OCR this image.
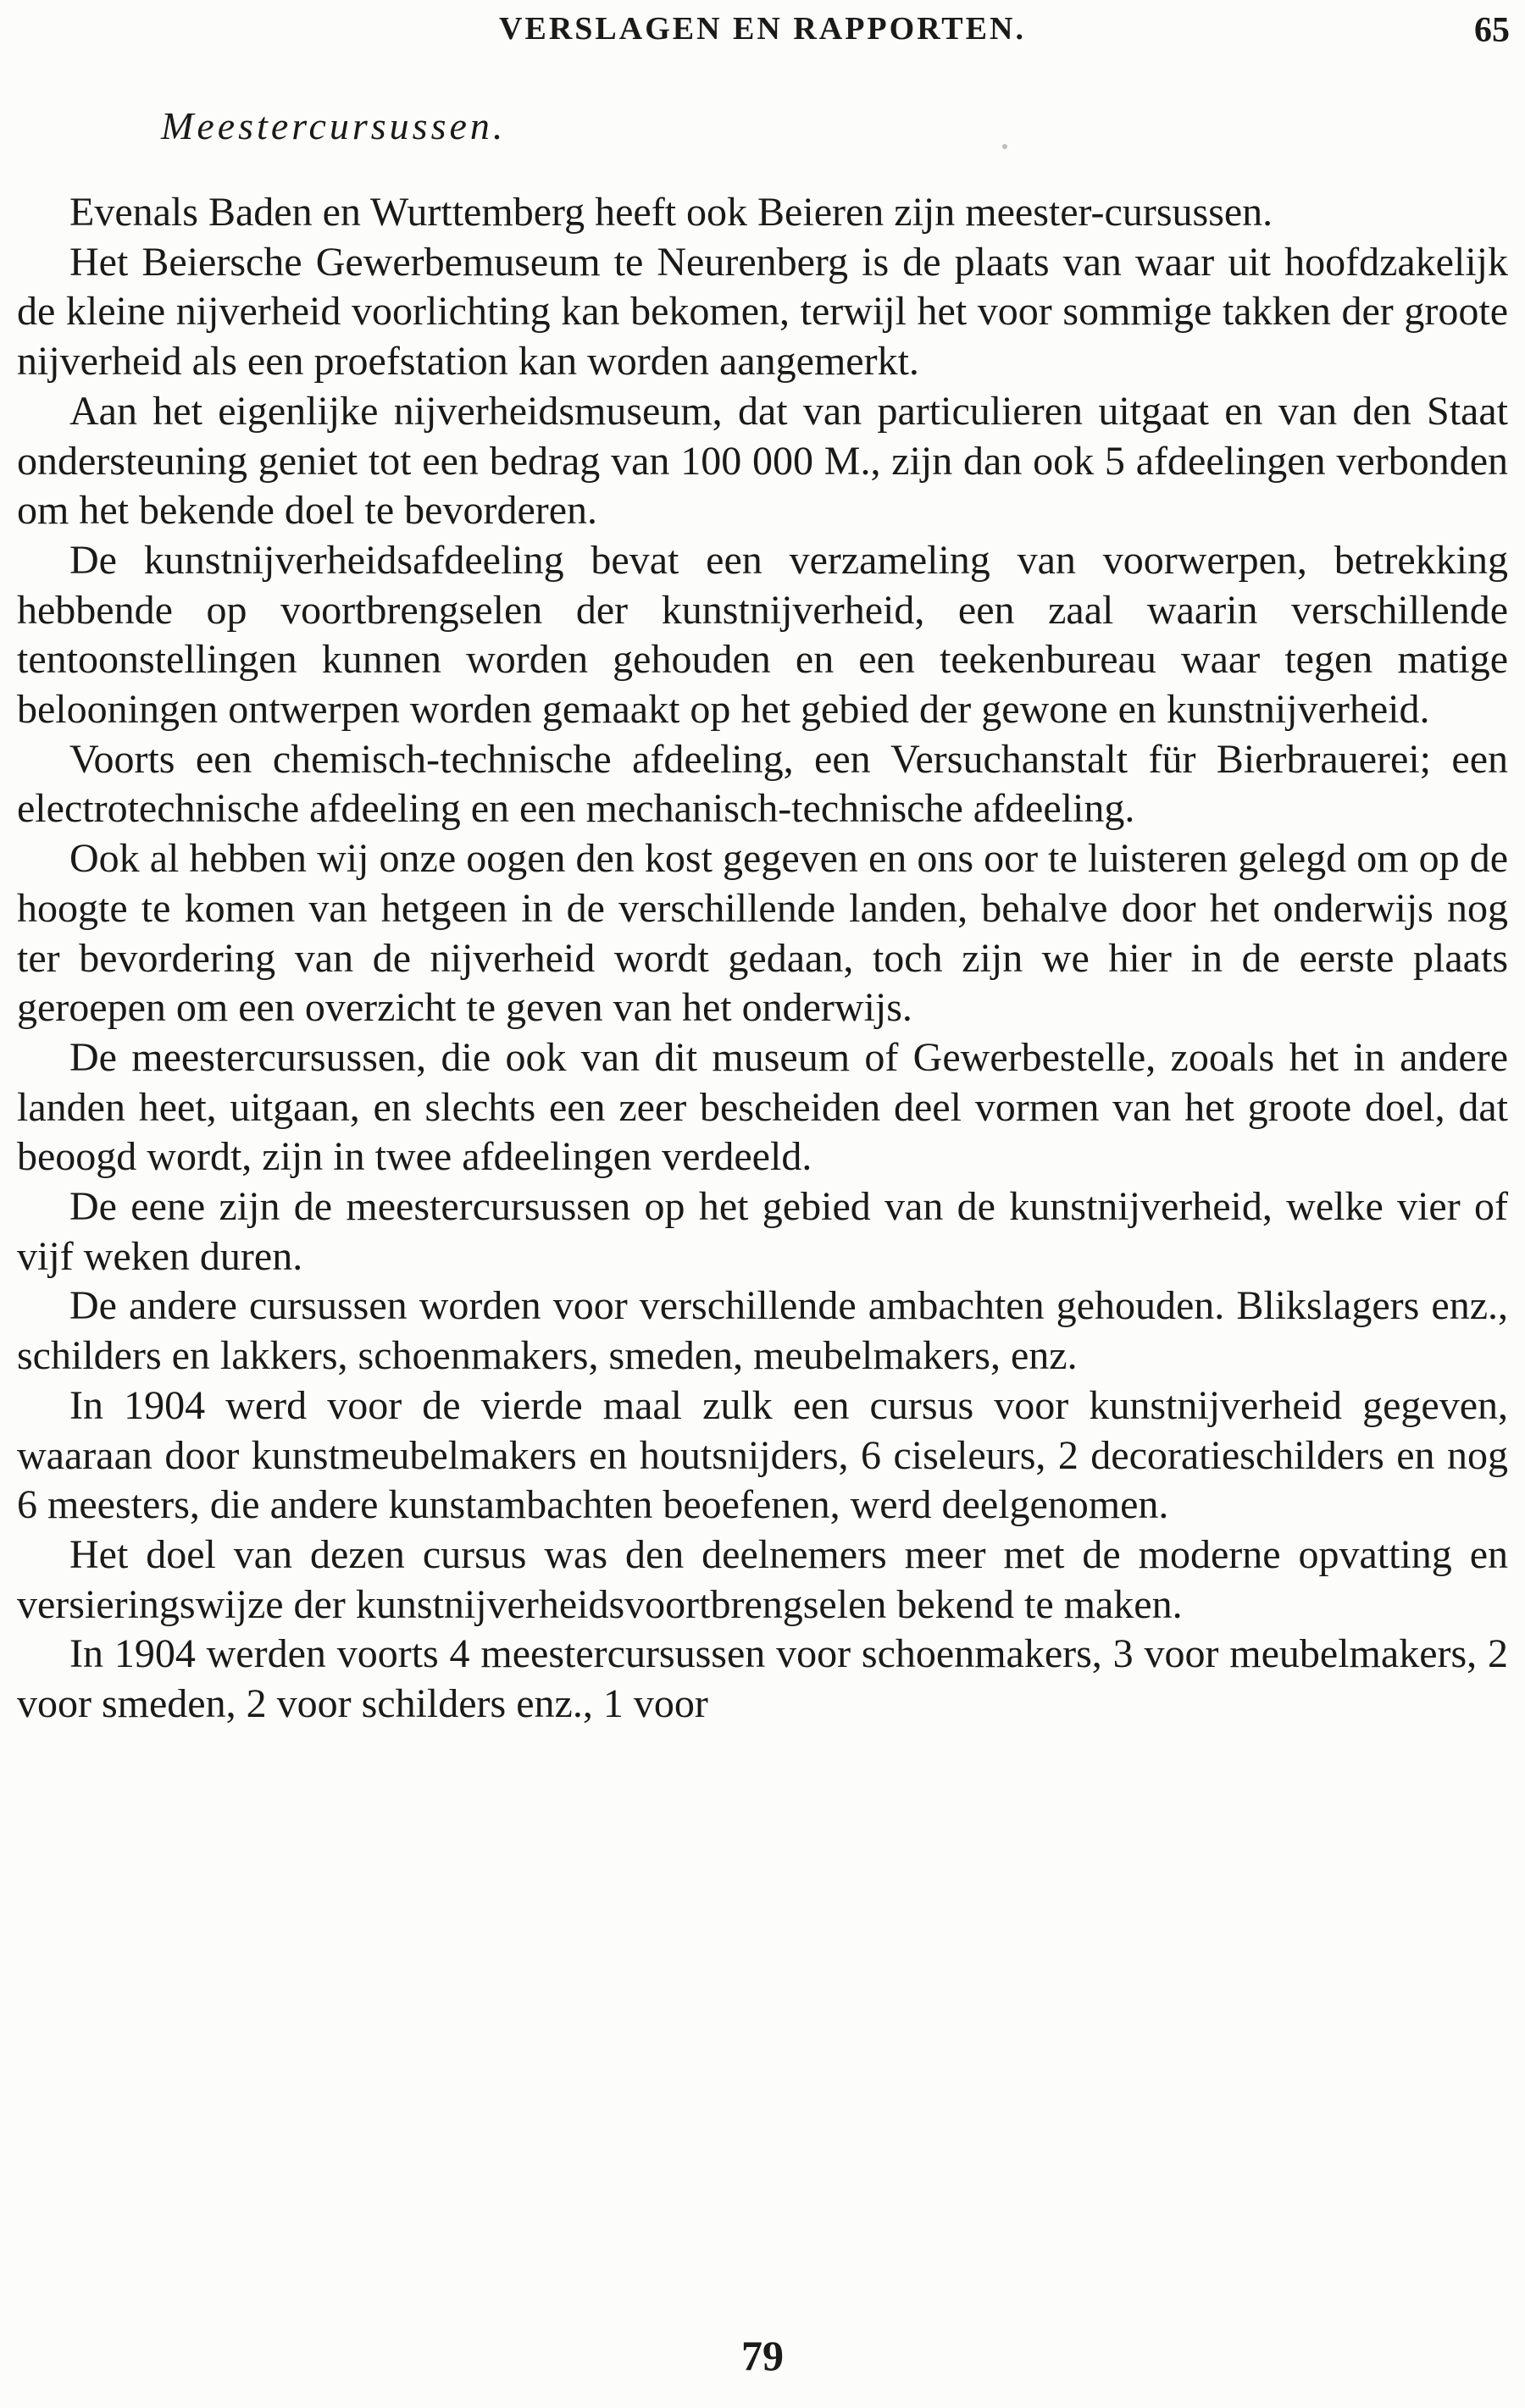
VERSLAGEN EN RAPPORTEN.	65
Meestercursussen.

Evenals Baden en Wurttemberg heeft ook Beieren zijn meester-cursussen.

Het Beiersche Gewerbemuseum te Neurenberg is de plaats van waar uit hoofdzakelijk de kleine nijverheid voorlichting kan bekomen, terwijl het voor sommige takken der groote nijverheid als een proefstation kan worden aangemerkt.

Aan het eigenlijke nijverheidsmuseum, dat van particulieren uitgaat en van den Staat ondersteuning geniet tot een bedrag van 100 000 M., zijn dan ook 5 afdeelingen verbonden om het bekende doel te bevorderen.

De kunstnijverheidsafdeeling bevat een verzameling van voorwerpen, betrekking hebbende op voortbrengselen der kunstnijverheid, een zaal waarin verschillende tentoonstellingen kunnen worden gehouden en een teekenbureau waar tegen matige belooningen ontwerpen worden gemaakt op het gebied der gewone en kunstnijverheid.

Voorts een chemisch-technische afdeeling, een Versuchanstalt für Bierbrauerei; een electrotechnische afdeeling en een mechanisch-technische afdeeling.

Ook al hebben wij onze oogen den kost gegeven en ons oor te luisteren gelegd om op de hoogte te komen van hetgeen in de verschillende landen, behalve door het onderwijs nog ter bevordering van de nijverheid wordt gedaan, toch zijn we hier in de eerste plaats geroepen om een overzicht te geven van het onderwijs.

De meestercursussen, die ook van dit museum of Gewerbestelle, zooals het in andere landen heet, uitgaan, en slechts een zeer bescheiden deel vormen van het groote doel, dat beoogd wordt, zijn in twee afdeelingen verdeeld.

De eene zijn de meestercursussen op het gebied van de kunstnijverheid, welke vier of vijf weken duren.

De andere cursussen worden voor verschillende ambachten gehouden. Blikslagers enz., schilders en lakkers, schoenmakers, smeden, meubelmakers, enz.

In 1904 werd voor de vierde maal zulk een cursus voor kunstnijverheid gegeven, waaraan door kunstmeubelmakers en houtsnijders, 6 ciseleurs, 2 decoratieschilders en nog 6 meesters, die andere kunstambachten beoefenen, werd deelgenomen.

Het doel van dezen cursus was den deelnemers meer met de moderne opvatting en versieringswijze der kunstnijverheidsvoortbrengselen bekend te maken.

In 1904 werden voorts 4 meestercursussen voor schoenmakers, 3 voor meubelmakers, 2 voor smeden, 2 voor schilders enz., 1 voor

79
